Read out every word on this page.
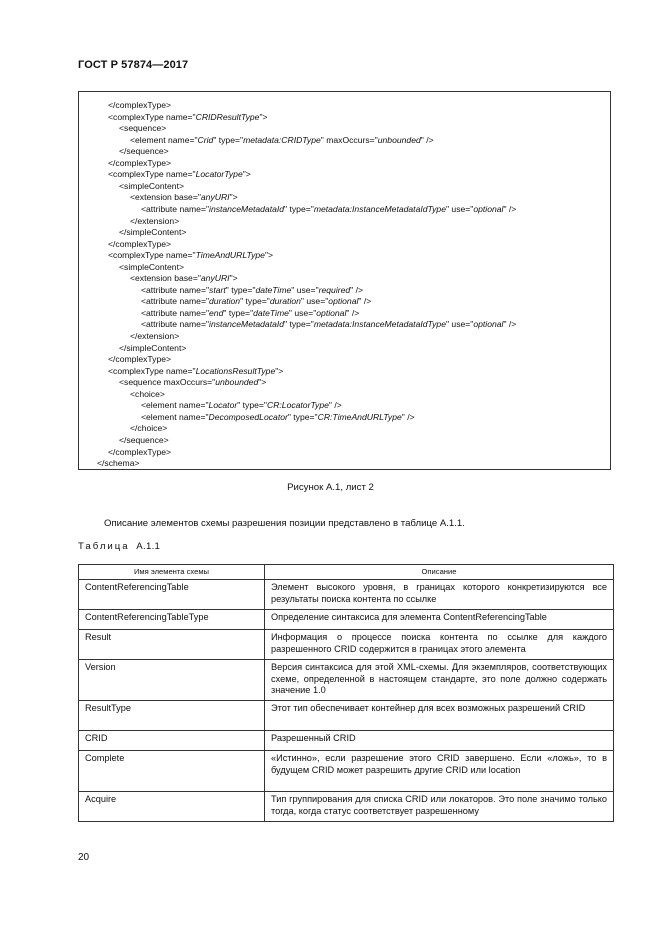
ГОСТ Р 57874—2017
</complexType>
<complexType name="CRIDResultType">
<sequence>
<element name="Crid" type="metadata:CRIDType" maxOccurs="unbounded" />
</sequence>
</complexType>
<complexType name="LocatorType">
<simpleContent>
<extension base="anyURI">
<attribute name="instanceMetadataId" type="metadata:InstanceMetadataIdType" use="optional" />
</extension>
</simpleContent>
</complexType>
<complexType name="TimeAndURLType">
<simpleContent>
<extension base="anyURI">
<attribute name="start" type="dateTime" use="required" />
<attribute name="duration" type="duration" use="optional" />
<attribute name="end" type="dateTime" use="optional" />
<attribute name="instanceMetadataId" type="metadata:InstanceMetadataIdType" use="optional" />
</extension>
</simpleContent>
</complexType>
<complexType name="LocationsResultType">
<sequence maxOccurs="unbounded">
<choice>
<element name="Locator" type="CR:LocatorType" />
<element name="DecomposedLocator" type="CR:TimeAndURLType" />
</choice>
</sequence>
</complexType>
</schema>
Рисунок А.1, лист 2
Описание элементов схемы разрешения позиции представлено в таблице А.1.1.
Таблица А.1.1
Имя элемента схемы	Описание
ContentReferencingTable	Элемент высокого уровня, в границах которого конкретизируются все результаты поиска контента по ссылке
ContentReferencingTableType	Определение синтаксиса для элемента ContentReferencingTable
Result	Информация о процессе поиска контента по ссылке для каждого разрешенного CRID содержится в границах этого элемента
Version	Версия синтаксиса для этой XML-схемы. Для экземпляров, соответствующих схеме, определенной в настоящем стандарте, это поле должно содержать значение 1.0
ResultType	Этот тип обеспечивает контейнер для всех возможных разрешений CRID
CRID	Разрешенный CRID
Complete	«Истинно», если разрешение этого CRID завершено. Если «ложь», то в будущем CRID может разрешить другие CRID или location
Acquire	Тип группирования для списка CRID или локаторов. Это поле значимо только тогда, когда статус соответствует разрешенному
20
